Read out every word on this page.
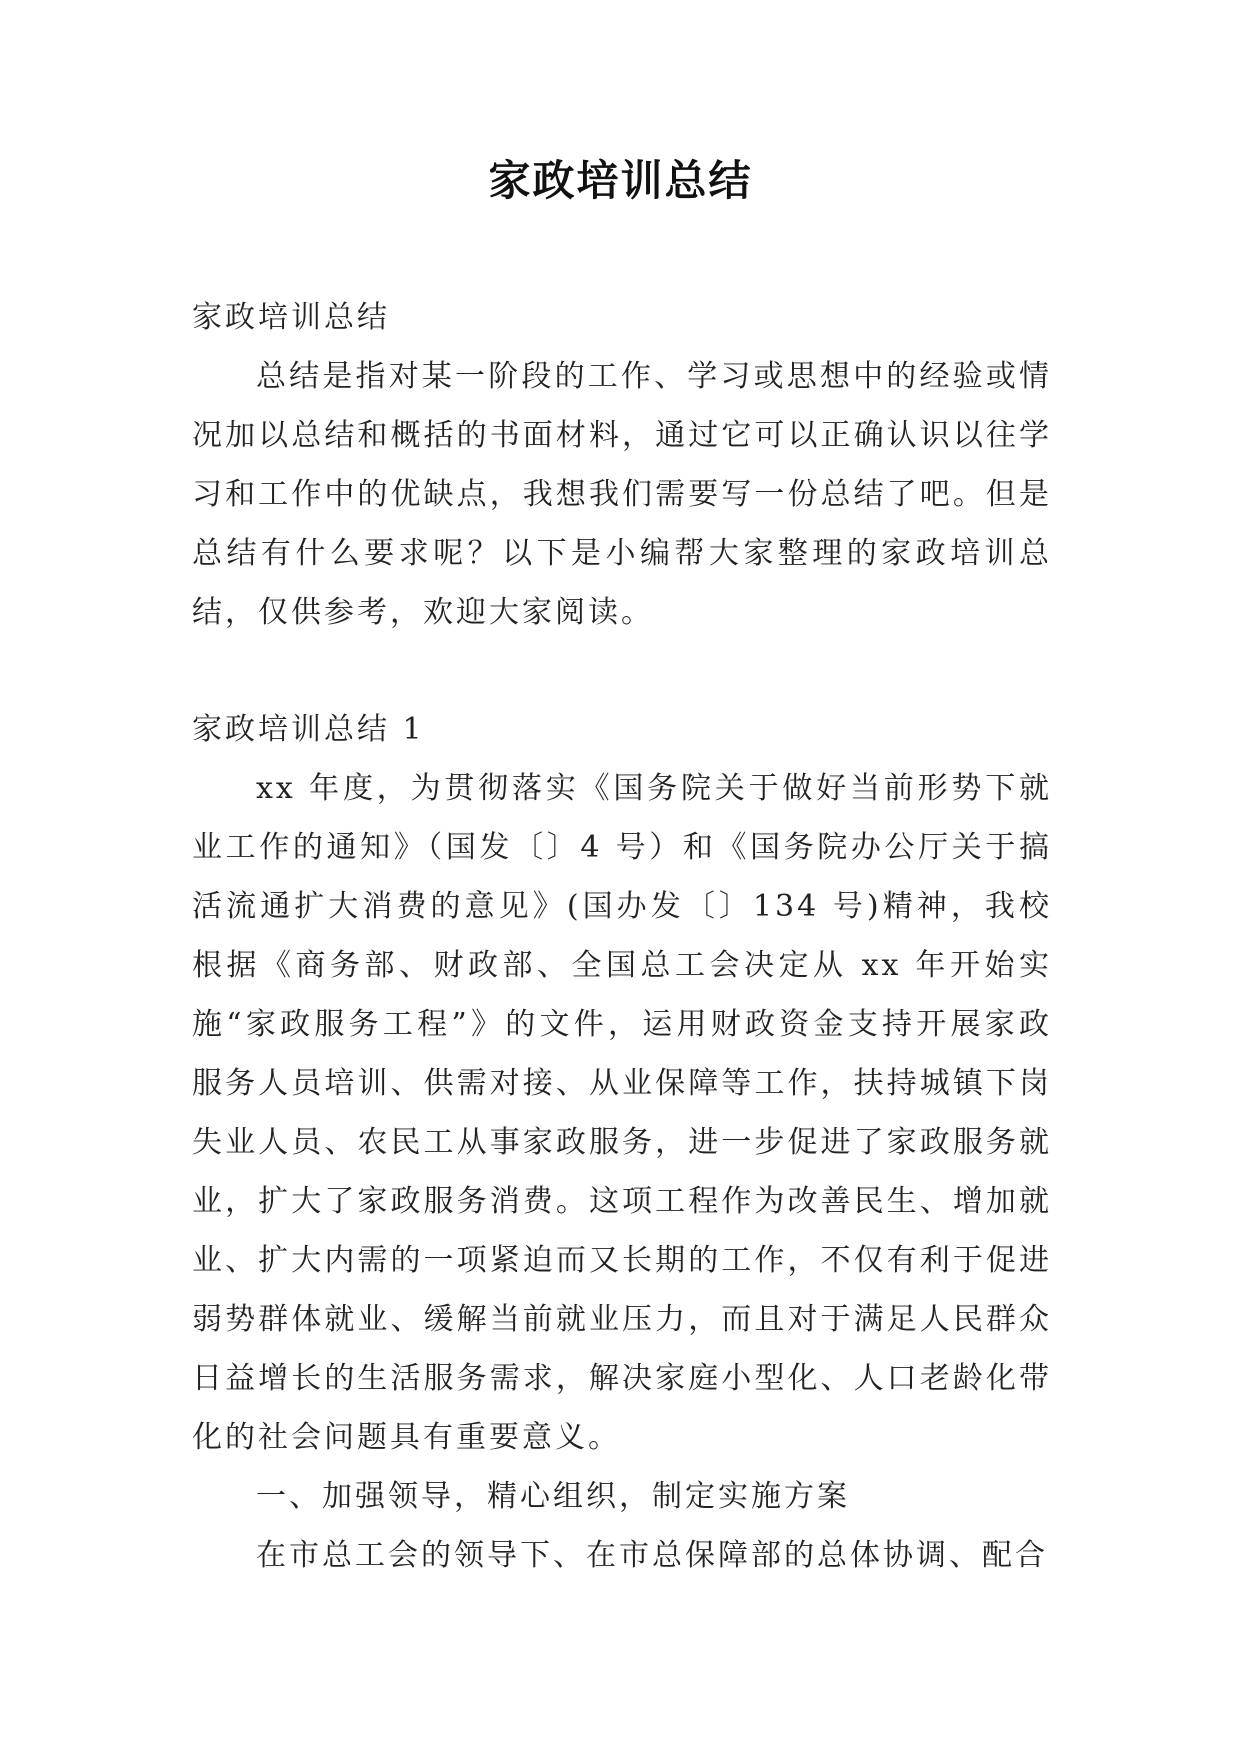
家政培训总结

家政培训总结

总结是指对某一阶段的工作、学习或思想中的经验或情况加以总结和概括的书面材料，通过它可以正确认识以往学习和工作中的优缺点，我想我们需要写一份总结了吧。但是总结有什么要求呢？以下是小编帮大家整理的家政培训总结，仅供参考，欢迎大家阅读。

家政培训总结 1

xx 年度，为贯彻落实《国务院关于做好当前形势下就业工作的通知》（国发〔〕4 号）和《国务院办公厅关于搞活流通扩大消费的意见》(国办发〔〕134 号)精神，我校根据《商务部、财政部、全国总工会决定从 xx 年开始实施“家政服务工程”》的文件，运用财政资金支持开展家政服务人员培训、供需对接、从业保障等工作，扶持城镇下岗失业人员、农民工从事家政服务，进一步促进了家政服务就业，扩大了家政服务消费。这项工程作为改善民生、增加就业、扩大内需的一项紧迫而又长期的工作，不仅有利于促进弱势群体就业、缓解当前就业压力，而且对于满足人民群众日益增长的生活服务需求，解决家庭小型化、人口老龄化带化的社会问题具有重要意义。

一、加强领导，精心组织，制定实施方案

在市总工会的领导下、在市总保障部的总体协调、配合
